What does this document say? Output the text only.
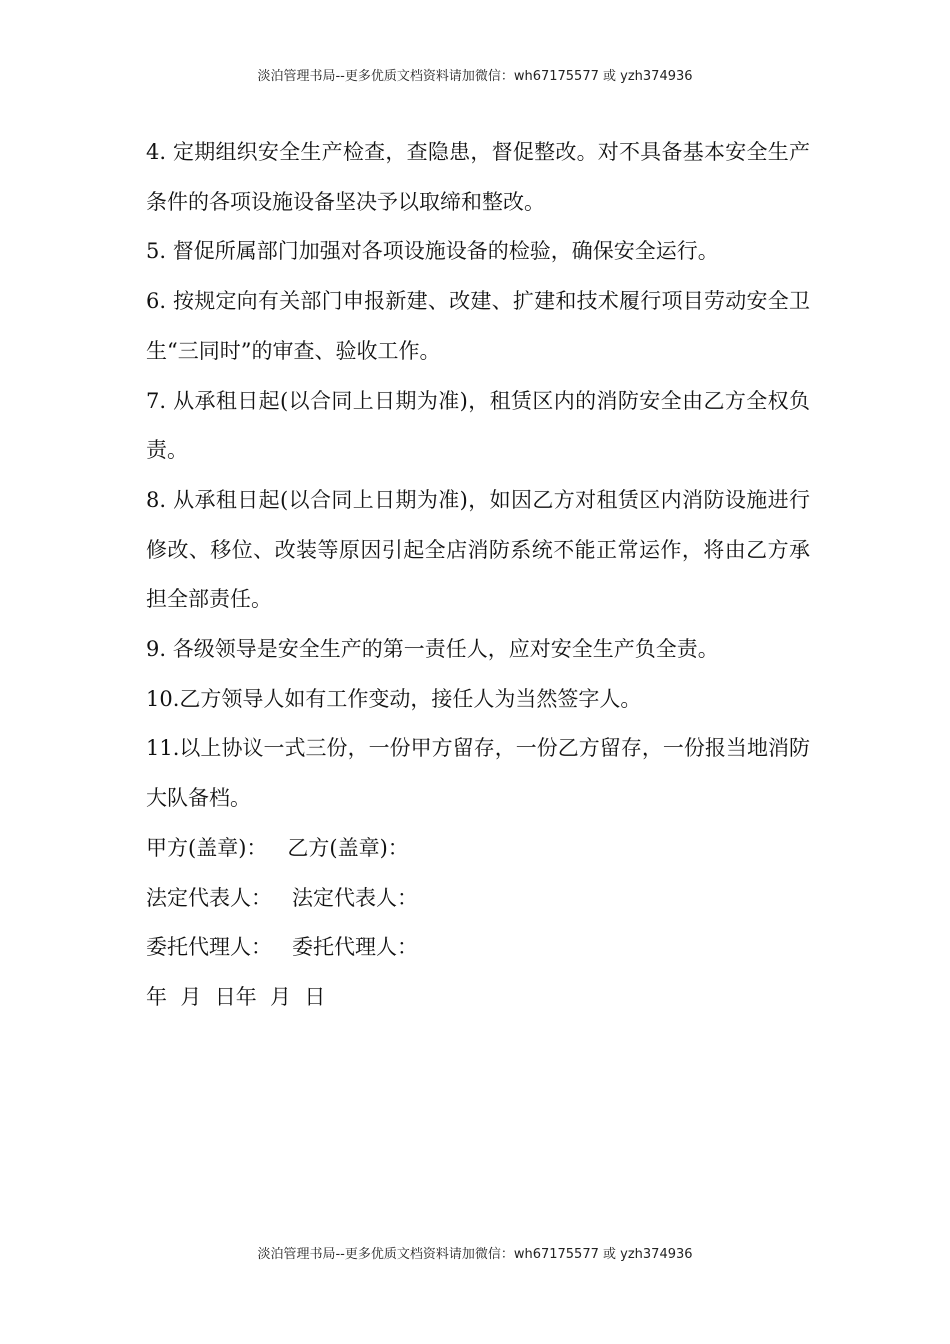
淡泊管理书局--更多优质文档资料请加微信：wh67175577 或 yzh374936

4. 定期组织安全生产检查，查隐患，督促整改。对不具备基本安全生产条件的各项设施设备坚决予以取缔和整改。

5. 督促所属部门加强对各项设施设备的检验，确保安全运行。

6. 按规定向有关部门申报新建、改建、扩建和技术履行项目劳动安全卫生“三同时”的审查、验收工作。

7. 从承租日起(以合同上日期为准)，租赁区内的消防安全由乙方全权负责。

8. 从承租日起(以合同上日期为准)，如因乙方对租赁区内消防设施进行修改、移位、改装等原因引起全店消防系统不能正常运作，将由乙方承担全部责任。

9. 各级领导是安全生产的第一责任人，应对安全生产负全责。

10.乙方领导人如有工作变动，接任人为当然签字人。

11.以上协议一式三份，一份甲方留存，一份乙方留存，一份报当地消防大队备档。

甲方(盖章)：   乙方(盖章)：

法定代表人：   法定代表人：

委托代理人：   委托代理人：

年  月  日年  月  日

淡泊管理书局--更多优质文档资料请加微信：wh67175577 或 yzh374936
